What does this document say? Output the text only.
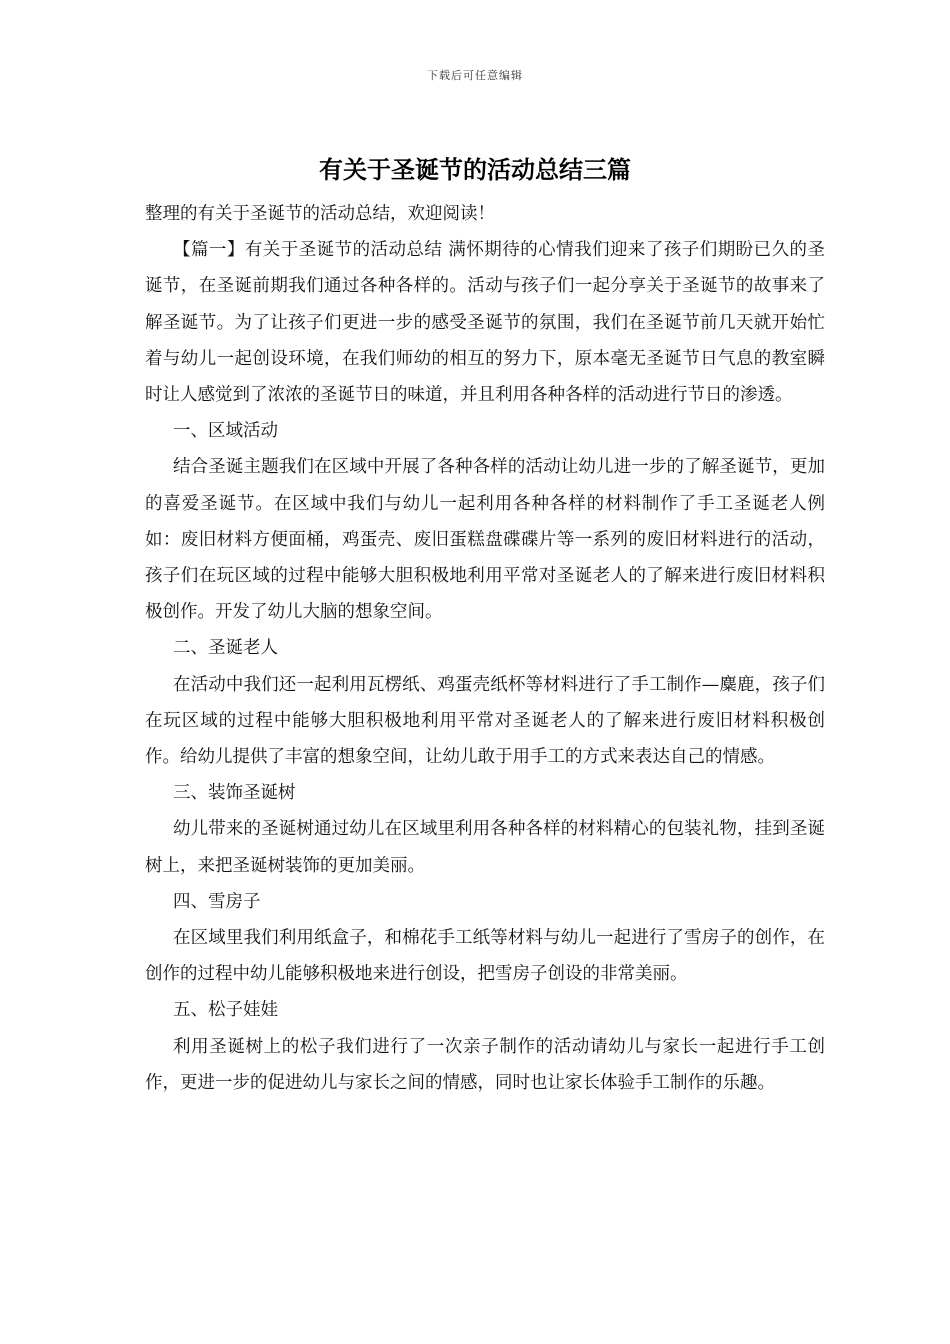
下载后可任意编辑
有关于圣诞节的活动总结三篇

整理的有关于圣诞节的活动总结，欢迎阅读！

【篇一】有关于圣诞节的活动总结 满怀期待的心情我们迎来了孩子们期盼已久的圣诞节，在圣诞前期我们通过各种各样的。活动与孩子们一起分享关于圣诞节的故事来了解圣诞节。为了让孩子们更进一步的感受圣诞节的氛围，我们在圣诞节前几天就开始忙着与幼儿一起创设环境，在我们师幼的相互的努力下，原本毫无圣诞节日气息的教室瞬时让人感觉到了浓浓的圣诞节日的味道，并且利用各种各样的活动进行节日的渗透。

一、区域活动

结合圣诞主题我们在区域中开展了各种各样的活动让幼儿进一步的了解圣诞节，更加的喜爱圣诞节。在区域中我们与幼儿一起利用各种各样的材料制作了手工圣诞老人例如：废旧材料方便面桶，鸡蛋壳、废旧蛋糕盘碟碟片等一系列的废旧材料进行的活动，孩子们在玩区域的过程中能够大胆积极地利用平常对圣诞老人的了解来进行废旧材料积极创作。开发了幼儿大脑的想象空间。

二、圣诞老人

在活动中我们还一起利用瓦楞纸、鸡蛋壳纸杯等材料进行了手工制作—麋鹿，孩子们在玩区域的过程中能够大胆积极地利用平常对圣诞老人的了解来进行废旧材料积极创作。给幼儿提供了丰富的想象空间，让幼儿敢于用手工的方式来表达自己的情感。

三、装饰圣诞树

幼儿带来的圣诞树通过幼儿在区域里利用各种各样的材料精心的包装礼物，挂到圣诞树上，来把圣诞树装饰的更加美丽。

四、雪房子

在区域里我们利用纸盒子，和棉花手工纸等材料与幼儿一起进行了雪房子的创作，在创作的过程中幼儿能够积极地来进行创设，把雪房子创设的非常美丽。

五、松子娃娃

利用圣诞树上的松子我们进行了一次亲子制作的活动请幼儿与家长一起进行手工创作，更进一步的促进幼儿与家长之间的情感，同时也让家长体验手工制作的乐趣。
